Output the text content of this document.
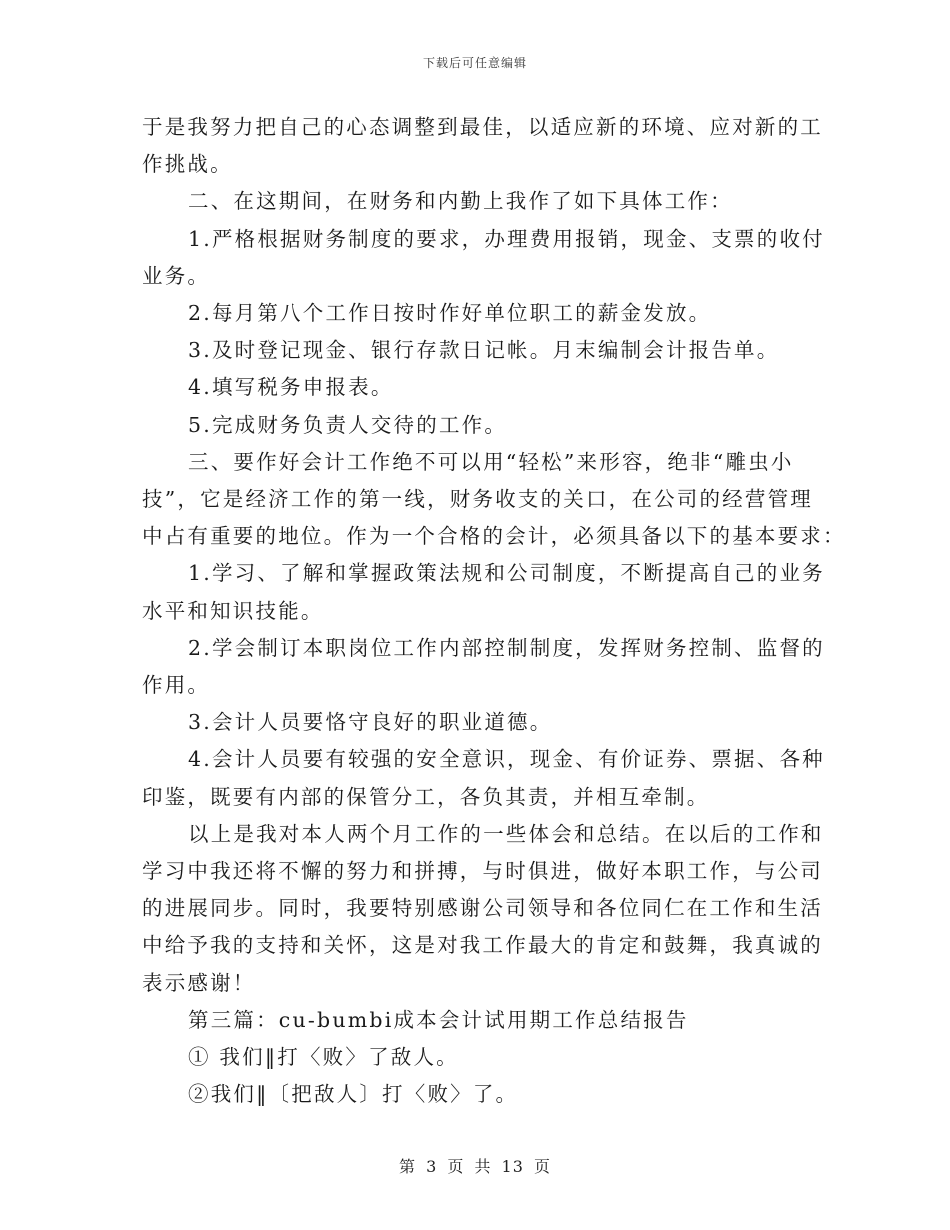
下载后可任意编辑

于是我努力把自己的心态调整到最佳，以适应新的环境、应对新的工

作挑战。

二、在这期间，在财务和内勤上我作了如下具体工作：

1.严格根据财务制度的要求，办理费用报销，现金、支票的收付

业务。

2.每月第八个工作日按时作好单位职工的薪金发放。

3.及时登记现金、银行存款日记帐。月末编制会计报告单。

4.填写税务申报表。

5.完成财务负责人交待的工作。

三、要作好会计工作绝不可以用“轻松”来形容，绝非“雕虫小

技”，它是经济工作的第一线，财务收支的关口，在公司的经营管理

中占有重要的地位。作为一个合格的会计，必须具备以下的基本要求：

1.学习、了解和掌握政策法规和公司制度，不断提高自己的业务

水平和知识技能。

2.学会制订本职岗位工作内部控制制度，发挥财务控制、监督的

作用。

3.会计人员要恪守良好的职业道德。

4.会计人员要有较强的安全意识，现金、有价证券、票据、各种

印鉴，既要有内部的保管分工，各负其责，并相互牵制。

以上是我对本人两个月工作的一些体会和总结。在以后的工作和

学习中我还将不懈的努力和拼搏，与时俱进，做好本职工作，与公司

的进展同步。同时，我要特别感谢公司领导和各位同仁在工作和生活

中给予我的支持和关怀，这是对我工作最大的肯定和鼓舞，我真诚的

表示感谢！

第三篇：cu-bumbi成本会计试用期工作总结报告

① 我们‖打〈败〉了敌人。

②我们‖〔把敌人〕打〈败〉了。

第 3 页 共 13 页
